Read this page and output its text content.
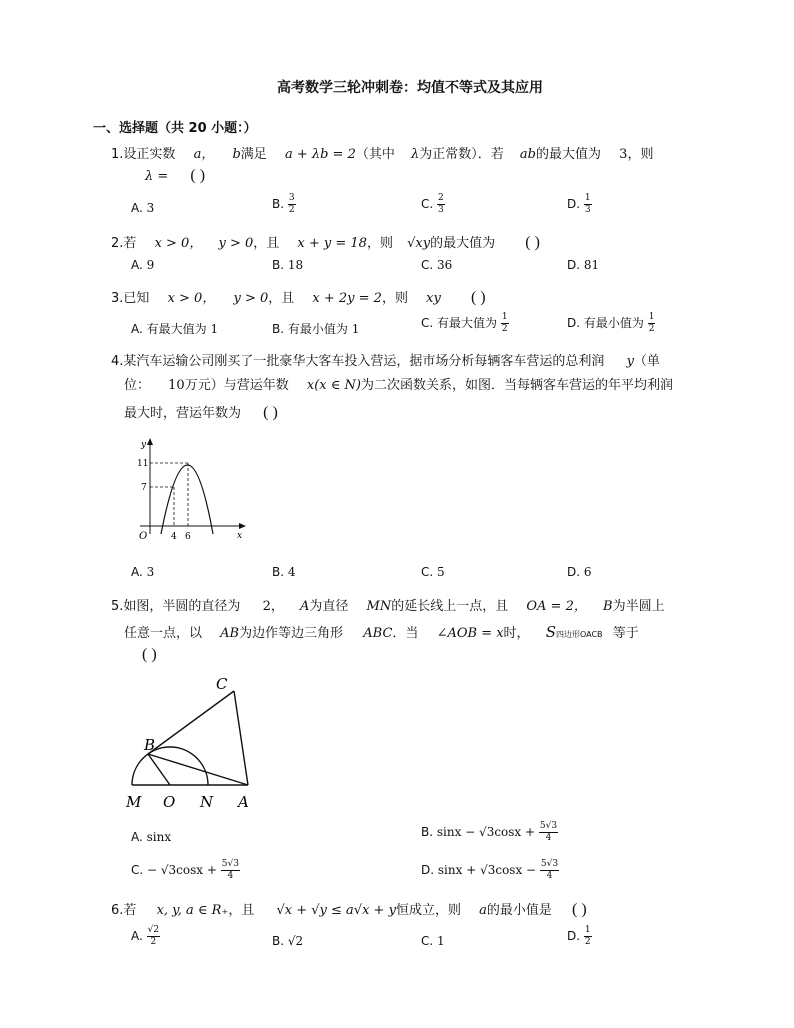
高考数学三轮冲刺卷：均值不等式及其应用
一、选择题（共 20 小题：）
1.设正实数 a， b满足 a + λb = 2（其中 λ为正常数）．若 ab的最大值为 3，则
λ = ( )
A. 3	B. $\frac{3}{2}$	C. $\frac{2}{3}$	D. $\frac{1}{3}$
2.若 x > 0， y > 0，且 x + y = 18，则 √xy的最大值为 ( )
A. 9	B. 18	C. 36	D. 81
3.已知 x > 0， y > 0，且 x + 2y = 2，则 xy ( )
A. 有最大值为 1	B. 有最小值为 1	C. 有最大值为 $\frac{1}{2}$	D. 有最小值为 $\frac{1}{2}$
4.某汽车运输公司刚买了一批豪华大客车投入营运，据市场分析每辆客车营运的总利润 y（单
位： 10万元）与营运年数 x(x ∈ N)为二次函数关系，如图．当每辆客车营运的年平均利润
最大时，营运年数为 ( )
y
x
O
11
7
4 6
A. 3	B. 4	C. 5	D. 6
5.如图，半圆的直径为 2， A为直径 MN的延长线上一点，且 OA = 2， B为半圆上
任意一点，以 AB为边作等边三角形 ABC．当 ∠AOB = x时， S四边形OACB 等于
( )
C
B
M O N A
A. sinx	B. $\sin x - √3\cos x + \frac{5√3}{4}$
C. − $√3\cos x + \frac{5√3}{4}$	D. $\sin x + √3\cos x - \frac{5√3}{4}$
6.若 x, y, a ∈ R₊，且 √x + √y ≤ a√x + y恒成立，则 a的最小值是 ( )
A. $\frac{√2}{2}$	B. √2	C. 1	D. $\frac{1}{2}$
